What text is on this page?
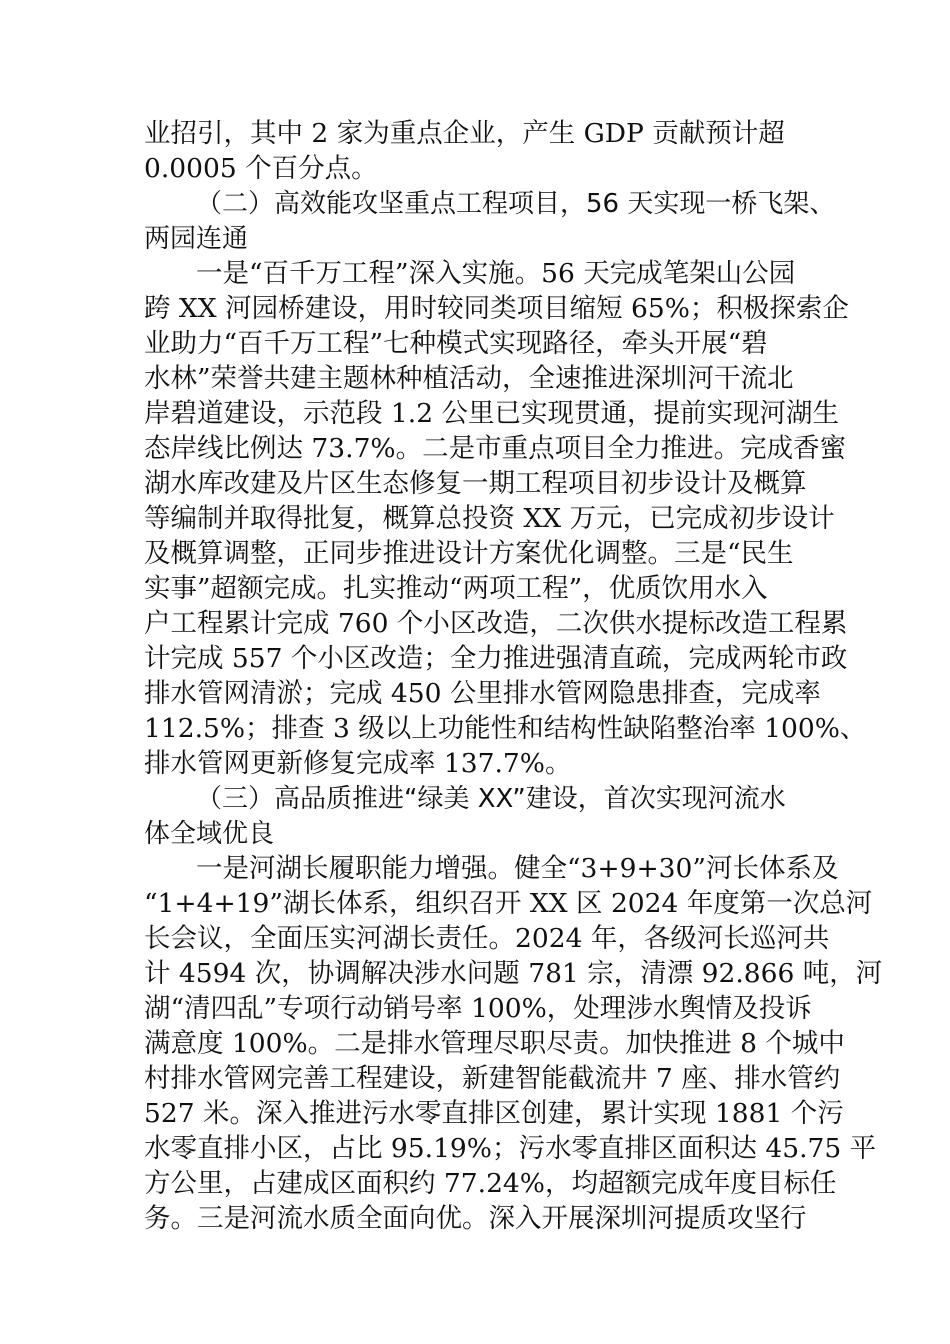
业招引，其中 2 家为重点企业，产生 GDP 贡献预计超
0.0005 个百分点。
（二）高效能攻坚重点工程项目，56 天实现一桥飞架、
两园连通
一是“百千万工程”深入实施。56 天完成笔架山公园
跨 XX 河园桥建设，用时较同类项目缩短 65%；积极探索企
业助力“百千万工程”七种模式实现路径，牵头开展“碧
水林”荣誉共建主题林种植活动，全速推进深圳河干流北
岸碧道建设，示范段 1.2 公里已实现贯通，提前实现河湖生
态岸线比例达 73.7%。二是市重点项目全力推进。完成香蜜
湖水库改建及片区生态修复一期工程项目初步设计及概算
等编制并取得批复，概算总投资 XX 万元，已完成初步设计
及概算调整，正同步推进设计方案优化调整。三是“民生
实事”超额完成。扎实推动“两项工程”，优质饮用水入
户工程累计完成 760 个小区改造，二次供水提标改造工程累
计完成 557 个小区改造；全力推进强清直疏，完成两轮市政
排水管网清淤；完成 450 公里排水管网隐患排查，完成率
112.5%；排查 3 级以上功能性和结构性缺陷整治率 100%、
排水管网更新修复完成率 137.7%。
（三）高品质推进“绿美 XX”建设，首次实现河流水
体全域优良
一是河湖长履职能力增强。健全“3+9+30”河长体系及
“1+4+19”湖长体系，组织召开 XX 区 2024 年度第一次总河
长会议，全面压实河湖长责任。2024 年，各级河长巡河共
计 4594 次，协调解决涉水问题 781 宗，清漂 92.866 吨，河
湖“清四乱”专项行动销号率 100%，处理涉水舆情及投诉
满意度 100%。二是排水管理尽职尽责。加快推进 8 个城中
村排水管网完善工程建设，新建智能截流井 7 座、排水管约
527 米。深入推进污水零直排区创建，累计实现 1881 个污
水零直排小区，占比 95.19%；污水零直排区面积达 45.75 平
方公里，占建成区面积约 77.24%，均超额完成年度目标任
务。三是河流水质全面向优。深入开展深圳河提质攻坚行
